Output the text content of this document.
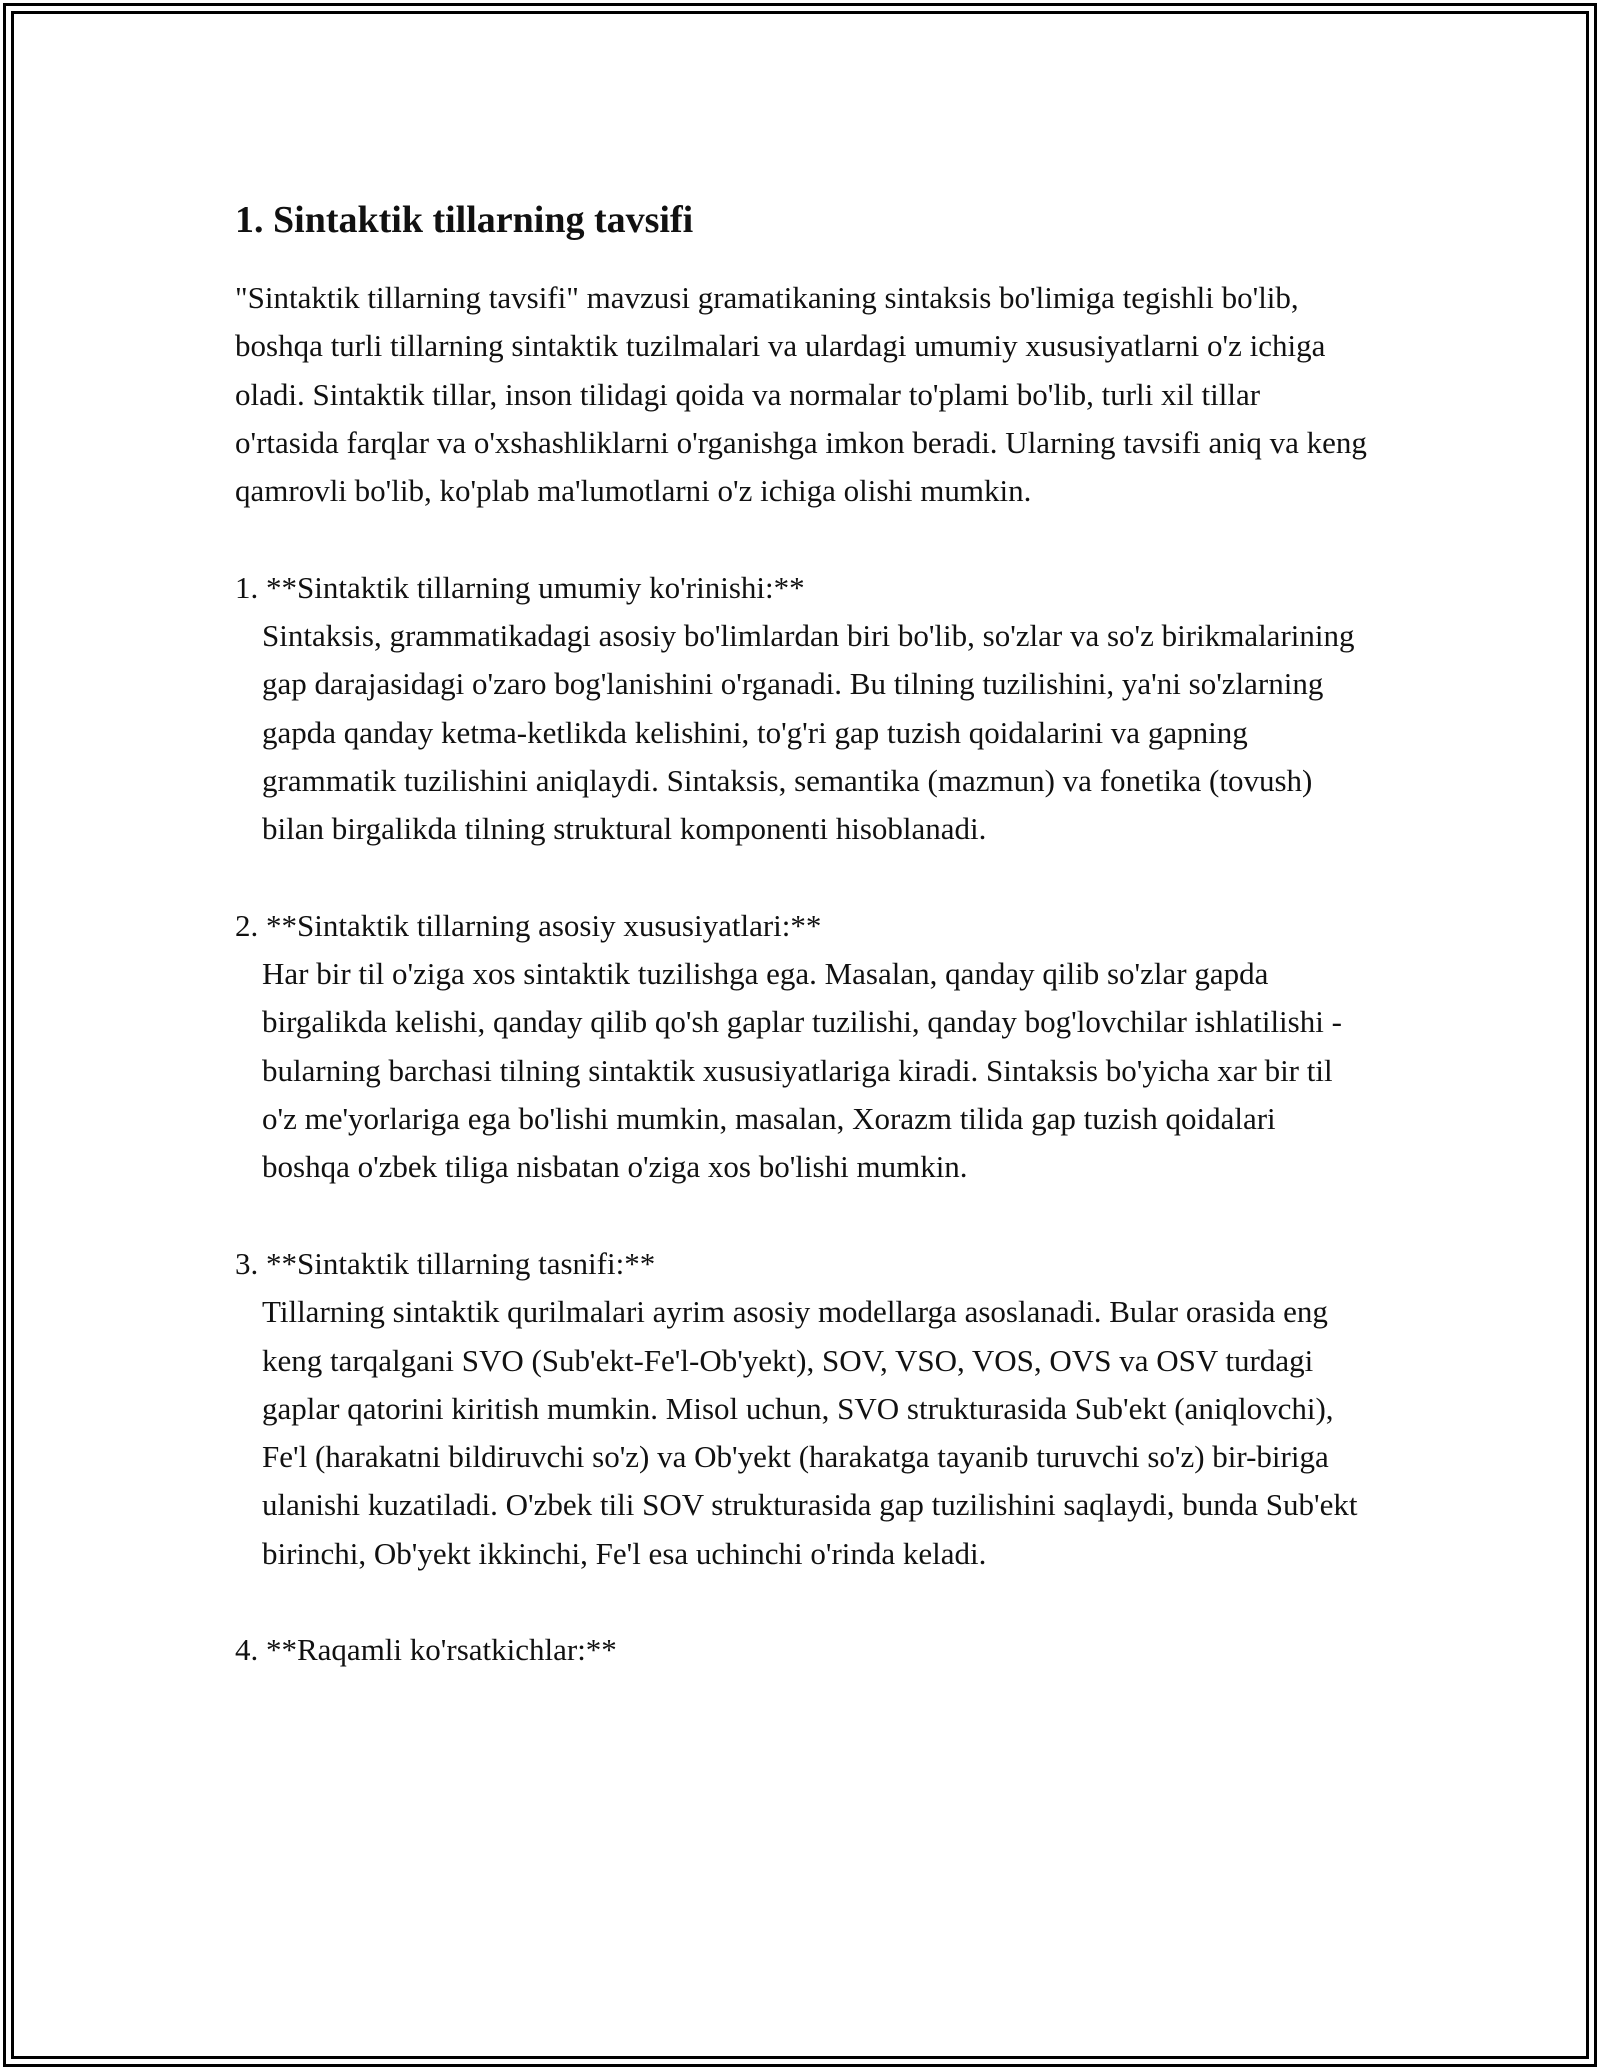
1. Sintaktik tillarning tavsifi

"Sintaktik tillarning tavsifi" mavzusi gramatikaning sintaksis bo'limiga tegishli bo'lib, boshqa turli tillarning sintaktik tuzilmalari va ulardagi umumiy xususiyatlarni o'z ichiga oladi. Sintaktik tillar, inson tilidagi qoida va normalar to'plami bo'lib, turli xil tillar o'rtasida farqlar va o'xshashliklarni o'rganishga imkon beradi. Ularning tavsifi aniq va keng qamrovli bo'lib, ko'plab ma'lumotlarni o'z ichiga olishi mumkin.

1. **Sintaktik tillarning umumiy ko'rinishi:**

Sintaksis, grammatikadagi asosiy bo'limlardan biri bo'lib, so'zlar va so'z birikmalarining gap darajasidagi o'zaro bog'lanishini o'rganadi. Bu tilning tuzilishini, ya'ni so'zlarning gapda qanday ketma-ketlikda kelishini, to'g'ri gap tuzish qoidalarini va gapning grammatik tuzilishini aniqlaydi. Sintaksis, semantika (mazmun) va fonetika (tovush) bilan birgalikda tilning struktural komponenti hisoblanadi.

2. **Sintaktik tillarning asosiy xususiyatlari:**

Har bir til o'ziga xos sintaktik tuzilishga ega. Masalan, qanday qilib so'zlar gapda birgalikda kelishi, qanday qilib qo'sh gaplar tuzilishi, qanday bog'lovchilar ishlatilishi - bularning barchasi tilning sintaktik xususiyatlariga kiradi. Sintaksis bo'yicha xar bir til o'z me'yorlariga ega bo'lishi mumkin, masalan, Xorazm tilida gap tuzish qoidalari boshqa o'zbek tiliga nisbatan o'ziga xos bo'lishi mumkin.

3. **Sintaktik tillarning tasnifi:**

Tillarning sintaktik qurilmalari ayrim asosiy modellarga asoslanadi. Bular orasida eng keng tarqalgani SVO (Sub'ekt-Fe'l-Ob'yekt), SOV, VSO, VOS, OVS va OSV turdagi gaplar qatorini kiritish mumkin. Misol uchun, SVO strukturasida Sub'ekt (aniqlovchi), Fe'l (harakatni bildiruvchi so'z) va Ob'yekt (harakatga tayanib turuvchi so'z) bir-biriga ulanishi kuzatiladi. O'zbek tili SOV strukturasida gap tuzilishini saqlaydi, bunda Sub'ekt birinchi, Ob'yekt ikkinchi, Fe'l esa uchinchi o'rinda keladi.

4. **Raqamli ko'rsatkichlar:**
